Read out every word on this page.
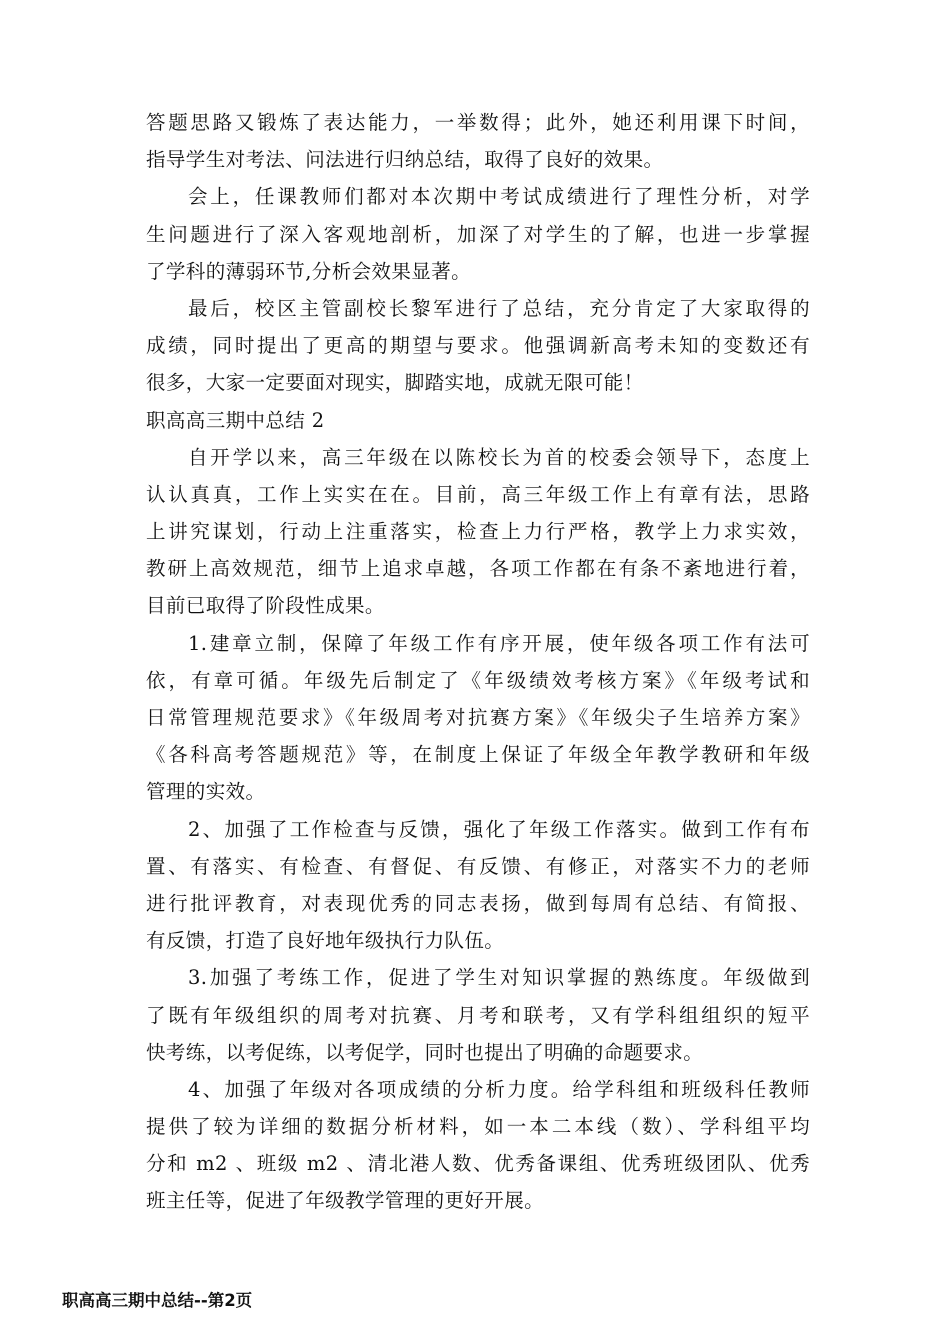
答题思路又锻炼了表达能力，一举数得；此外，她还利用课下时间，
指导学生对考法、问法进行归纳总结，取得了良好的效果。
会上，任课教师们都对本次期中考试成绩进行了理性分析，对学
生问题进行了深入客观地剖析，加深了对学生的了解，也进一步掌握
了学科的薄弱环节,分析会效果显著。
最后，校区主管副校长黎军进行了总结，充分肯定了大家取得的
成绩，同时提出了更高的期望与要求。他强调新高考未知的变数还有
很多，大家一定要面对现实，脚踏实地，成就无限可能！
职高高三期中总结 2
自开学以来，高三年级在以陈校长为首的校委会领导下，态度上
认认真真，工作上实实在在。目前，高三年级工作上有章有法，思路
上讲究谋划，行动上注重落实，检查上力行严格，教学上力求实效，
教研上高效规范，细节上追求卓越，各项工作都在有条不紊地进行着，
目前已取得了阶段性成果。
1.建章立制，保障了年级工作有序开展，使年级各项工作有法可
依，有章可循。年级先后制定了《年级绩效考核方案》《年级考试和
日常管理规范要求》《年级周考对抗赛方案》《年级尖子生培养方案》
《各科高考答题规范》等，在制度上保证了年级全年教学教研和年级
管理的实效。
2、加强了工作检查与反馈，强化了年级工作落实。做到工作有布
置、有落实、有检查、有督促、有反馈、有修正，对落实不力的老师
进行批评教育，对表现优秀的同志表扬，做到每周有总结、有简报、
有反馈，打造了良好地年级执行力队伍。
3.加强了考练工作，促进了学生对知识掌握的熟练度。年级做到
了既有年级组织的周考对抗赛、月考和联考，又有学科组组织的短平
快考练，以考促练，以考促学，同时也提出了明确的命题要求。
4、加强了年级对各项成绩的分析力度。给学科组和班级科任教师
提供了较为详细的数据分析材料，如一本二本线（数）、学科组平均
分和 m2 、班级 m2 、清北港人数、优秀备课组、优秀班级团队、优秀
班主任等，促进了年级教学管理的更好开展。
职高高三期中总结--第2页
